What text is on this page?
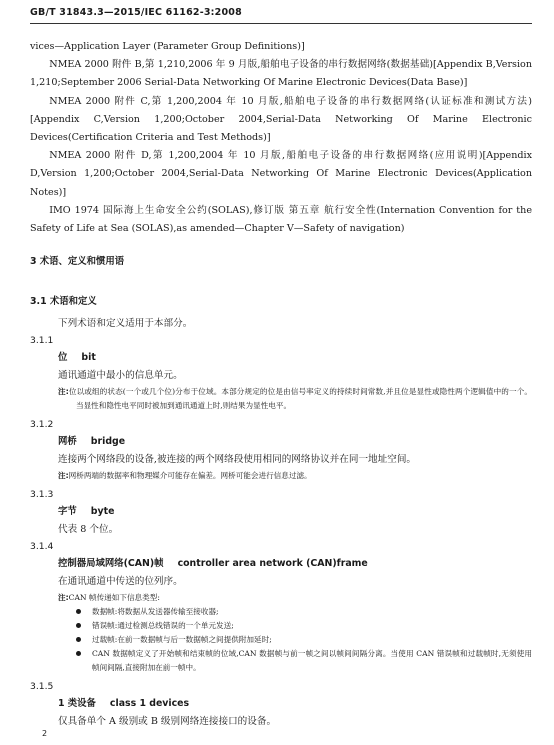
GB/T 31843.3—2015/IEC 61162-3:2008

vices—Application Layer (Parameter Group Definitions)]

NMEA 2000 附件 B,第 1,210,2006 年 9 月版,船舶电子设备的串行数据网络(数据基础)[Appendix B,Version 1,210;September 2006 Serial-Data Networking Of Marine Electronic Devices(Data Base)]

NMEA 2000 附件 C,第 1,200,2004 年 10 月版,船舶电子设备的串行数据网络(认证标准和测试方法)[Appendix C,Version 1,200;October 2004,Serial-Data Networking Of Marine Electronic Devices(Certification Criteria and Test Methods)]

NMEA 2000 附件 D,第 1,200,2004 年 10 月版,船舶电子设备的串行数据网络(应用说明)[Appendix D,Version 1,200;October 2004,Serial-Data Networking Of Marine Electronic Devices(Application Notes)]

IMO 1974 国际海上生命安全公约(SOLAS),修订版 第五章 航行安全性(Internation Convention for the Safety of Life at Sea (SOLAS),as amended—Chapter V—Safety of navigation)

3 术语、定义和惯用语

3.1 术语和定义

下列术语和定义适用于本部分。

3.1.1

位 bit

通讯通道中最小的信息单元。

注:位以或组的状态(一个或几个位)分布于位域。本部分规定的位是由信号率定义的持续时间常数,并且位是显性或隐性两个逻辑值中的一个。当显性和隐性电平同时被加到通讯通道上时,则结果为显性电平。

3.1.2

网桥 bridge

连接两个网络段的设备,被连接的两个网络段使用相同的网络协议并在同一地址空间。

注:网桥两端的数据率和物理媒介可能存在偏差。网桥可能会进行信息过滤。

3.1.3

字节 byte

代表 8 个位。

3.1.4

控制器局域网络(CAN)帧 controller area network (CAN)frame

在通讯通道中传送的位列序。

注:CAN 帧传递如下信息类型:

数据帧:将数据从发送器传输至接收器;
错误帧:通过检测总线错误的一个单元发送;
过载帧:在前一数据帧与后一数据帧之间提供附加延时;
CAN 数据帧定义了开始帧和结束帧的位域,CAN 数据帧与前一帧之间以帧间间隔分离。当使用 CAN 错误帧和过载帧时,无须使用帧间间隔,直接附加在前一帧中。

3.1.5

1 类设备 class 1 devices

仅具备单个 A 级别或 B 级别网络连接接口的设备。

2
